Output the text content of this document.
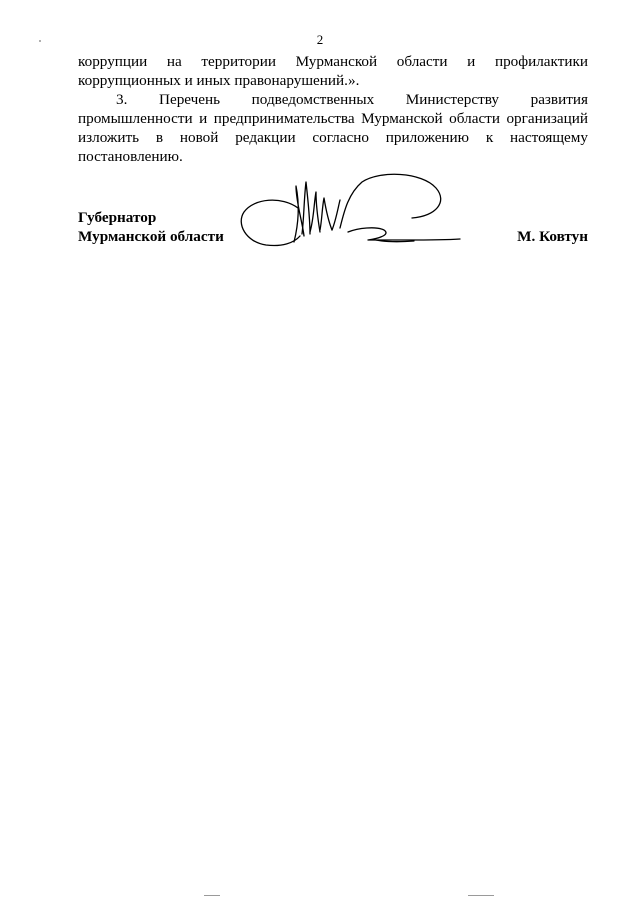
2

коррупции на территории Мурманской области и профилактики
коррупционных и иных правонарушений.».

3. Перечень подведомственных Министерству развития
промышленности и предпринимательства Мурманской области организаций
изложить в новой редакции согласно приложению к настоящему
постановлению.

Губернатор
Мурманской области	М. Ковтун
